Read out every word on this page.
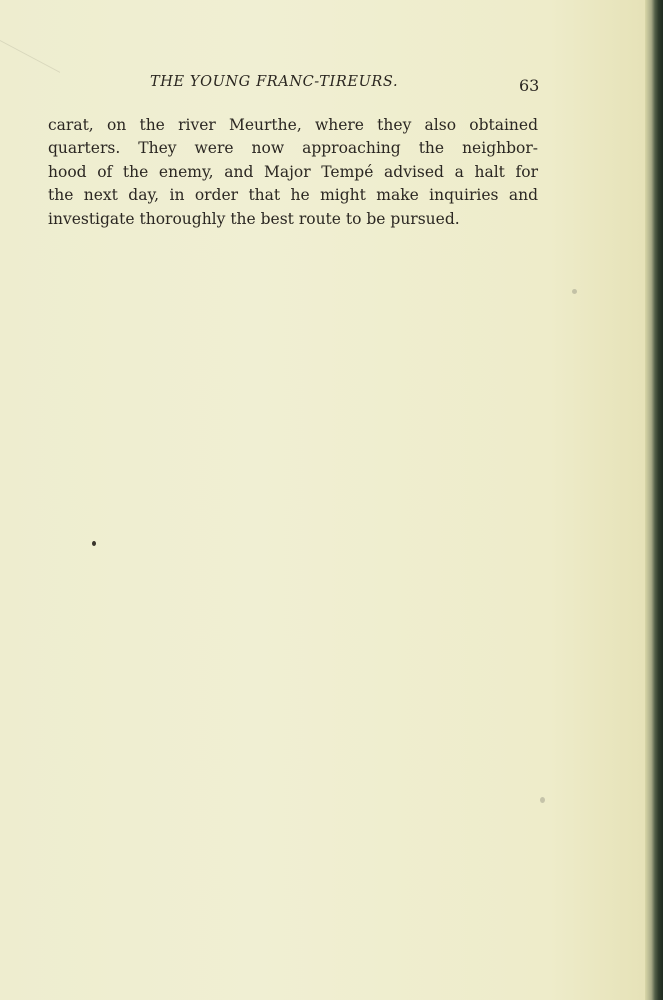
THE YOUNG FRANC-TIREURS.	63

carat, on the river Meurthe, where they also obtained
quarters. They were now approaching the neighbor-
hood of the enemy, and Major Tempé advised a halt for
the next day, in order that he might make inquiries and
investigate thoroughly the best route to be pursued.
